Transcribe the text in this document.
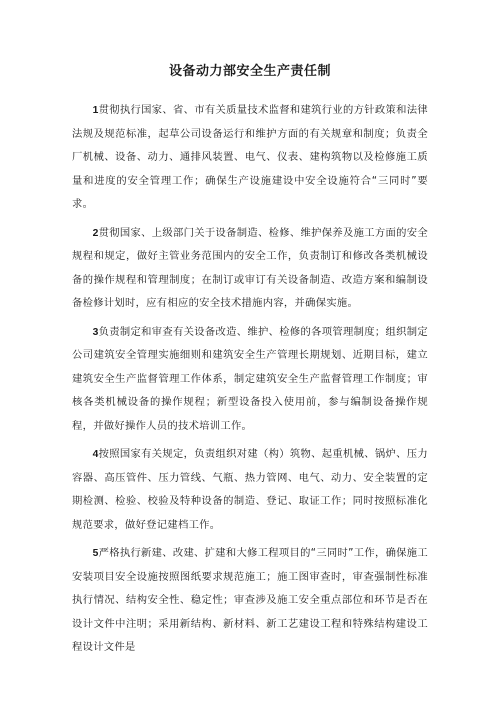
设备动力部安全生产责任制

1贯彻执行国家、省、市有关质量技术监督和建筑行业的方针政策和法律法规及规范标准，起草公司设备运行和维护方面的有关规章和制度；负责全厂机械、设备、动力、通排风装置、电气、仪表、建构筑物以及检修施工质量和进度的安全管理工作；确保生产设施建设中安全设施符合“三同时”要求。

2贯彻国家、上级部门关于设备制造、检修、维护保养及施工方面的安全规程和规定，做好主管业务范围内的安全工作，负责制订和修改各类机械设备的操作规程和管理制度；在制订或审订有关设备制造、改造方案和编制设备检修计划时，应有相应的安全技术措施内容，并确保实施。

3负责制定和审查有关设备改造、维护、检修的各项管理制度；组织制定公司建筑安全管理实施细则和建筑安全生产管理长期规划、近期目标，建立建筑安全生产监督管理工作体系，制定建筑安全生产监督管理工作制度；审核各类机械设备的操作规程；新型设备投入使用前，参与编制设备操作规程，并做好操作人员的技术培训工作。

4按照国家有关规定，负责组织对建（构）筑物、起重机械、锅炉、压力容器、高压管件、压力管线、气瓶、热力管网、电气、动力、安全装置的定期检测、检验、校验及特种设备的制造、登记、取证工作；同时按照标准化规范要求，做好登记建档工作。

5严格执行新建、改建、扩建和大修工程项目的“三同时”工作，确保施工安装项目安全设施按照图纸要求规范施工；施工图审查时，审查强制性标准执行情况、结构安全性、稳定性；审查涉及施工安全重点部位和环节是否在设计文件中注明；采用新结构、新材料、新工艺建设工程和特殊结构建设工程设计文件是
